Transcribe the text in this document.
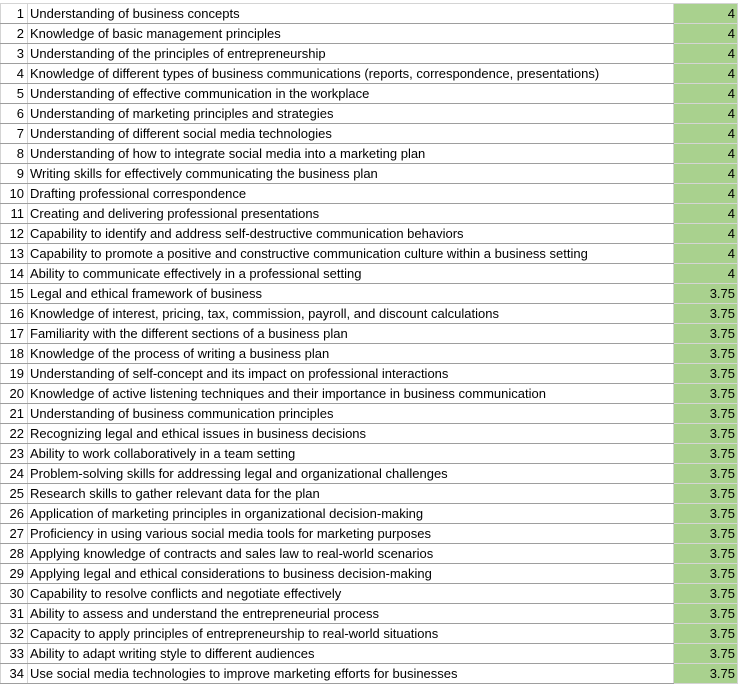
1	Understanding of business concepts	4
2	Knowledge of basic management principles	4
3	Understanding of the principles of entrepreneurship	4
4	Knowledge of different types of business communications (reports, correspondence, presentations)	4
5	Understanding of effective communication in the workplace	4
6	Understanding of marketing principles and strategies	4
7	Understanding of different social media technologies	4
8	Understanding of how to integrate social media into a marketing plan	4
9	Writing skills for effectively communicating the business plan	4
10	Drafting professional correspondence	4
11	Creating and delivering professional presentations	4
12	Capability to identify and address self-destructive communication behaviors	4
13	Capability to promote a positive and constructive communication culture within a business setting	4
14	Ability to communicate effectively in a professional setting	4
15	Legal and ethical framework of business	3.75
16	Knowledge of interest, pricing, tax, commission, payroll, and discount calculations	3.75
17	Familiarity with the different sections of a business plan	3.75
18	Knowledge of the process of writing a business plan	3.75
19	Understanding of self-concept and its impact on professional interactions	3.75
20	Knowledge of active listening techniques and their importance in business communication	3.75
21	Understanding of business communication principles	3.75
22	Recognizing legal and ethical issues in business decisions	3.75
23	Ability to work collaboratively in a team setting	3.75
24	Problem-solving skills for addressing legal and organizational challenges	3.75
25	Research skills to gather relevant data for the plan	3.75
26	Application of marketing principles in organizational decision-making	3.75
27	Proficiency in using various social media tools for marketing purposes	3.75
28	Applying knowledge of contracts and sales law to real-world scenarios	3.75
29	Applying legal and ethical considerations to business decision-making	3.75
30	Capability to resolve conflicts and negotiate effectively	3.75
31	Ability to assess and understand the entrepreneurial process	3.75
32	Capacity to apply principles of entrepreneurship to real-world situations	3.75
33	Ability to adapt writing style to different audiences	3.75
34	Use social media technologies to improve marketing efforts for businesses	3.75
